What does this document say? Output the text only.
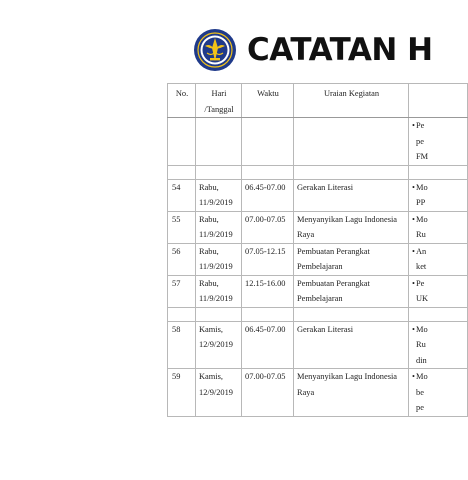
CATATAN H
No.	Hari
/Tanggal	Waktu	Uraian Kegiatan	

				•Pe
pe
FM

54	Rabu,
11/9/2019	06.45-07.00	Gerakan Literasi	•Mo
PP

55	Rabu,
11/9/2019	07.00-07.05	Menyanyikan Lagu Indonesia
Raya	•Mo
Ru

56	Rabu,
11/9/2019	07.05-12.15	Pembuatan Perangkat
Pembelajaran	•An
ket

57	Rabu,
11/9/2019	12.15-16.00	Pembuatan Perangkat
Pembelajaran	•Pe
UK

58	Kamis,
12/9/2019	06.45-07.00	Gerakan Literasi	•Mo
Ru
din

59	Kamis,
12/9/2019	07.00-07.05	Menyanyikan Lagu Indonesia
Raya	•Mo
be
pe
